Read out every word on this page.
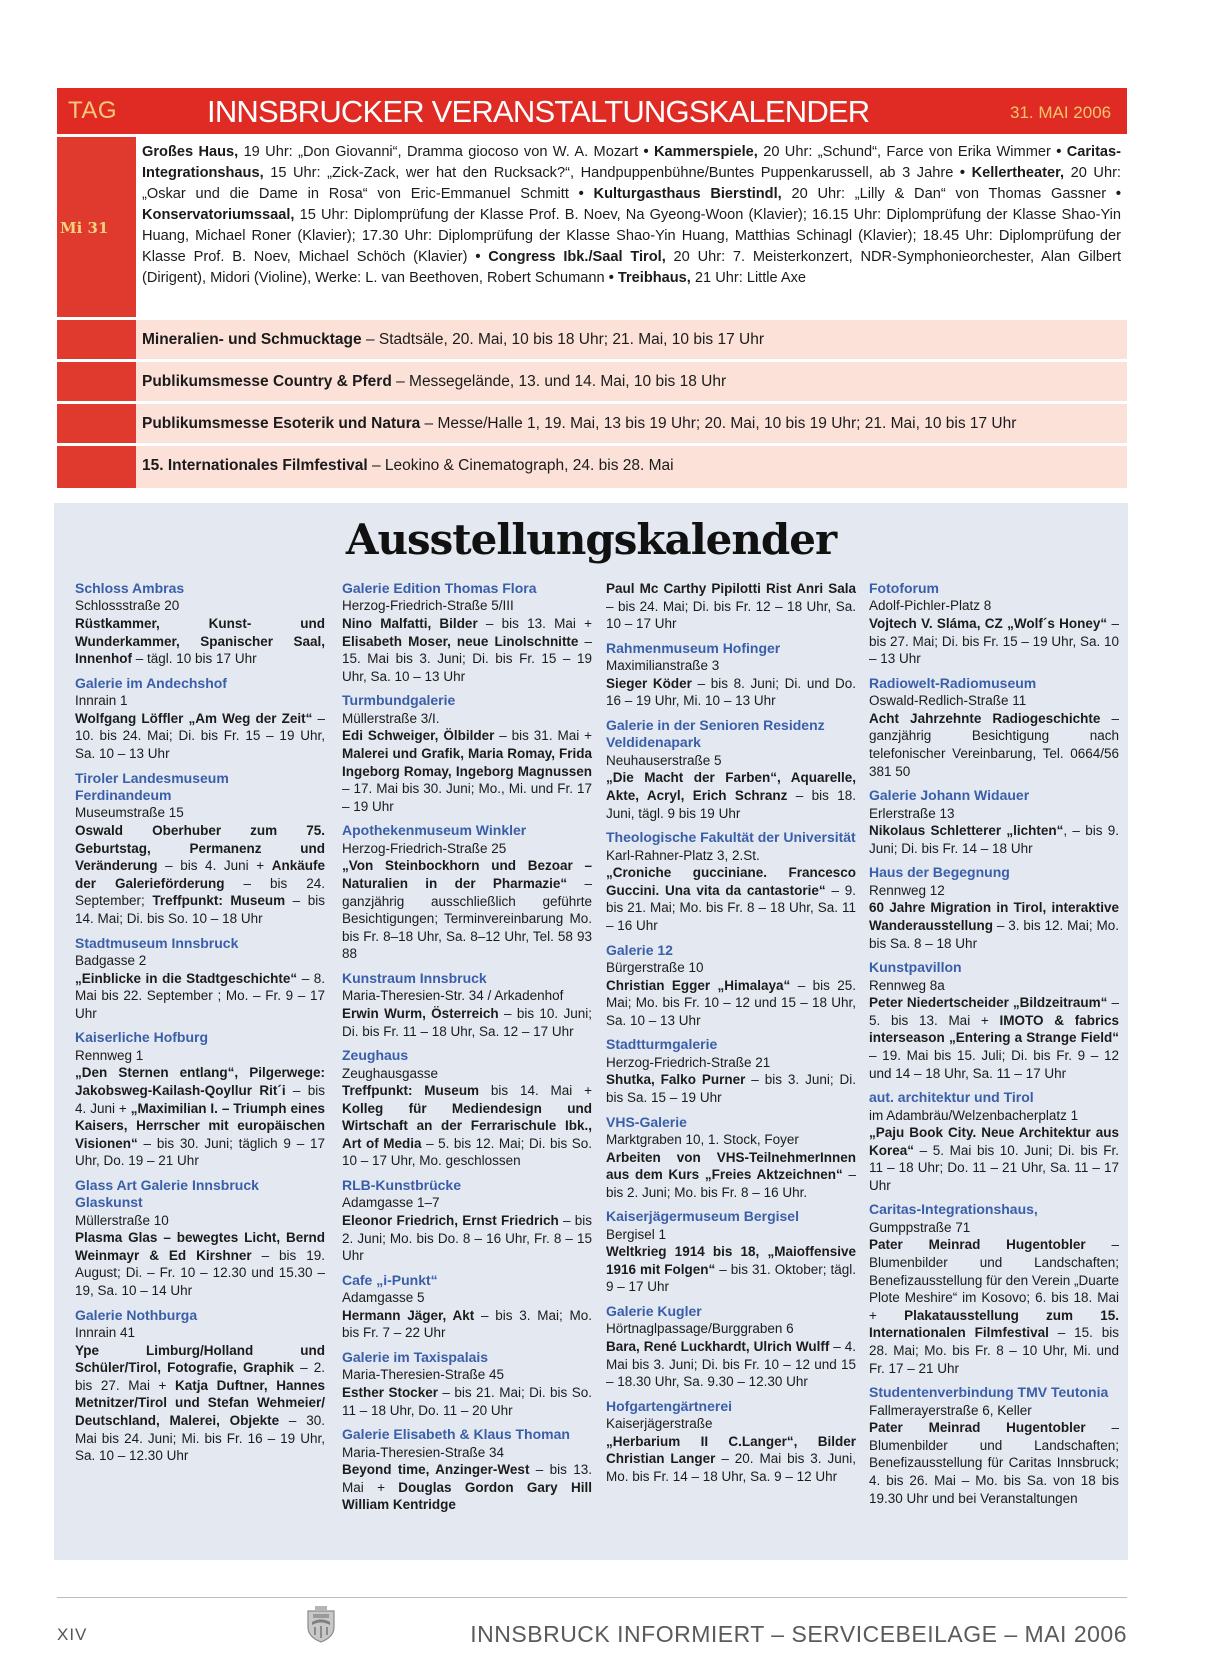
TAG	INNSBRUCKER VERANSTALTUNGSKALENDER	31. MAI 2006
Mi 31
Großes Haus, 19 Uhr: „Don Giovanni“, Dramma giocoso von W. A. Mozart • Kammerspiele, 20 Uhr: „Schund“, Farce von Erika Wimmer • Caritas-Integrationshaus, 15 Uhr: „Zick-Zack, wer hat den Rucksack?“, Handpuppenbühne/Buntes Puppenkarussell, ab 3 Jahre • Kellertheater, 20 Uhr: „Oskar und die Dame in Rosa“ von Eric-Emmanuel Schmitt • Kulturgasthaus Bierstindl, 20 Uhr: „Lilly & Dan“ von Thomas Gassner • Konservatoriumssaal, 15 Uhr: Diplomprüfung der Klasse Prof. B. Noev, Na Gyeong-Woon (Klavier); 16.15 Uhr: Diplomprüfung der Klasse Shao-Yin Huang, Michael Roner (Klavier); 17.30 Uhr: Diplomprüfung der Klasse Shao-Yin Huang, Matthias Schinagl (Klavier); 18.45 Uhr: Diplomprüfung der Klasse Prof. B. Noev, Michael Schöch (Klavier) • Congress Ibk./Saal Tirol, 20 Uhr: 7. Meisterkonzert, NDR-Symphonieorchester, Alan Gilbert (Dirigent), Midori (Violine), Werke: L. van Beethoven, Robert Schumann • Treibhaus, 21 Uhr: Little Axe
Mineralien- und Schmucktage – Stadtsäle, 20. Mai, 10 bis 18 Uhr; 21. Mai, 10 bis 17 Uhr
Publikumsmesse Country & Pferd – Messegelände, 13. und 14. Mai, 10 bis 18 Uhr
Publikumsmesse Esoterik und Natura – Messe/Halle 1, 19. Mai, 13 bis 19 Uhr; 20. Mai, 10 bis 19 Uhr; 21. Mai, 10 bis 17 Uhr
15. Internationales Filmfestival – Leokino & Cinematograph, 24. bis 28. Mai
Ausstellungskalender
Schloss Ambras
Schlossstraße 20
Rüstkammer, Kunst- und Wunderkammer, Spanischer Saal, Innenhof – tägl. 10 bis 17 Uhr
Galerie im Andechshof
Innrain 1
Wolfgang Löffler „Am Weg der Zeit“ – 10. bis 24. Mai; Di. bis Fr. 15 – 19 Uhr, Sa. 10 – 13 Uhr
Tiroler Landesmuseum Ferdinandeum
Museumstraße 15
Oswald Oberhuber zum 75. Geburtstag, Permanenz und Veränderung – bis 4. Juni + Ankäufe der Galerieförderung – bis 24. September; Treffpunkt: Museum – bis 14. Mai; Di. bis So. 10 – 18 Uhr
Stadtmuseum Innsbruck
Badgasse 2
„Einblicke in die Stadtgeschichte“ – 8. Mai bis 22. September ; Mo. – Fr. 9 – 17 Uhr
Kaiserliche Hofburg
Rennweg 1
„Den Sternen entlang“, Pilgerwege: Jakobsweg-Kailash-Qoyllur Rit´i – bis 4. Juni + „Maximilian I. – Triumph eines Kaisers, Herrscher mit europäischen Visionen“ – bis 30. Juni; täglich 9 – 17 Uhr, Do. 19 – 21 Uhr
Glass Art Galerie Innsbruck Glaskunst
Müllerstraße 10
Plasma Glas – bewegtes Licht, Bernd Weinmayr & Ed Kirshner – bis 19. August; Di. – Fr. 10 – 12.30 und 15.30 – 19, Sa. 10 – 14 Uhr
Galerie Nothburga
Innrain 41
Ype Limburg/Holland und Schüler/Tirol, Fotografie, Graphik – 2. bis 27. Mai + Katja Duftner, Hannes Metnitzer/Tirol und Stefan Wehmeier/ Deutschland, Malerei, Objekte – 30. Mai bis 24. Juni; Mi. bis Fr. 16 – 19 Uhr, Sa. 10 – 12.30 Uhr
Galerie Edition Thomas Flora
Herzog-Friedrich-Straße 5/III
Nino Malfatti, Bilder – bis 13. Mai + Elisabeth Moser, neue Linolschnitte – 15. Mai bis 3. Juni; Di. bis Fr. 15 – 19 Uhr, Sa. 10 – 13 Uhr
Turmbundgalerie
Müllerstraße 3/I.
Edi Schweiger, Ölbilder – bis 31. Mai + Malerei und Grafik, Maria Romay, Frida Ingeborg Romay, Ingeborg Magnussen – 17. Mai bis 30. Juni; Mo., Mi. und Fr. 17 – 19 Uhr
Apothekenmuseum Winkler
Herzog-Friedrich-Straße 25
„Von Steinbockhorn und Bezoar – Naturalien in der Pharmazie“ – ganzjährig ausschließlich geführte Besichtigungen; Terminvereinbarung Mo. bis Fr. 8–18 Uhr, Sa. 8–12 Uhr, Tel. 58 93 88
Kunstraum Innsbruck
Maria-Theresien-Str. 34 / Arkadenhof
Erwin Wurm, Österreich – bis 10. Juni; Di. bis Fr. 11 – 18 Uhr, Sa. 12 – 17 Uhr
Zeughaus
Zeughausgasse
Treffpunkt: Museum bis 14. Mai + Kolleg für Mediendesign und Wirtschaft an der Ferrarischule Ibk., Art of Media – 5. bis 12. Mai; Di. bis So. 10 – 17 Uhr, Mo. geschlossen
RLB-Kunstbrücke
Adamgasse 1–7
Eleonor Friedrich, Ernst Friedrich – bis 2. Juni; Mo. bis Do. 8 – 16 Uhr, Fr. 8 – 15 Uhr
Cafe „i-Punkt“
Adamgasse 5
Hermann Jäger, Akt – bis 3. Mai; Mo. bis Fr. 7 – 22 Uhr
Galerie im Taxispalais
Maria-Theresien-Straße 45
Esther Stocker – bis 21. Mai; Di. bis So. 11 – 18 Uhr, Do. 11 – 20 Uhr
Galerie Elisabeth & Klaus Thoman
Maria-Theresien-Straße 34
Beyond time, Anzinger-West – bis 13. Mai + Douglas Gordon Gary Hill William Kentridge
Paul Mc Carthy Pipilotti Rist Anri Sala – bis 24. Mai; Di. bis Fr. 12 – 18 Uhr, Sa. 10 – 17 Uhr
Rahmenmuseum Hofinger
Maximilianstraße 3
Sieger Köder – bis 8. Juni; Di. und Do. 16 – 19 Uhr, Mi. 10 – 13 Uhr
Galerie in der Senioren Residenz Veldidenapark
Neuhauserstraße 5
„Die Macht der Farben“, Aquarelle, Akte, Acryl, Erich Schranz – bis 18. Juni, tägl. 9 bis 19 Uhr
Theologische Fakultät der Universität
Karl-Rahner-Platz 3, 2.St.
„Croniche gucciniane. Francesco Guccini. Una vita da cantastorie“ – 9. bis 21. Mai; Mo. bis Fr. 8 – 18 Uhr, Sa. 11 – 16 Uhr
Galerie 12
Bürgerstraße 10
Christian Egger „Himalaya“ – bis 25. Mai; Mo. bis Fr. 10 – 12 und 15 – 18 Uhr, Sa. 10 – 13 Uhr
Stadtturmgalerie
Herzog-Friedrich-Straße 21
Shutka, Falko Purner – bis 3. Juni; Di. bis Sa. 15 – 19 Uhr
VHS-Galerie
Marktgraben 10, 1. Stock, Foyer
Arbeiten von VHS-TeilnehmerInnen aus dem Kurs „Freies Aktzeichnen“ – bis 2. Juni; Mo. bis Fr. 8 – 16 Uhr.
Kaiserjägermuseum Bergisel
Bergisel 1
Weltkrieg 1914 bis 18, „Maioffensive 1916 mit Folgen“ – bis 31. Oktober; tägl. 9 – 17 Uhr
Galerie Kugler
Hörtnaglpassage/Burggraben 6
Bara, René Luckhardt, Ulrich Wulff – 4. Mai bis 3. Juni; Di. bis Fr. 10 – 12 und 15 – 18.30 Uhr, Sa. 9.30 – 12.30 Uhr
Hofgartengärtnerei
Kaiserjägerstraße
„Herbarium II C.Langer“, Bilder Christian Langer – 20. Mai bis 3. Juni, Mo. bis Fr. 14 – 18 Uhr, Sa. 9 – 12 Uhr
Fotoforum
Adolf-Pichler-Platz 8
Vojtech V. Sláma, CZ „Wolf´s Honey“ – bis 27. Mai; Di. bis Fr. 15 – 19 Uhr, Sa. 10 – 13 Uhr
Radiowelt-Radiomuseum
Oswald-Redlich-Straße 11
Acht Jahrzehnte Radiogeschichte – ganzjährig Besichtigung nach telefonischer Vereinbarung, Tel. 0664/56 381 50
Galerie Johann Widauer
Erlerstraße 13
Nikolaus Schletterer „lichten“, – bis 9. Juni; Di. bis Fr. 14 – 18 Uhr
Haus der Begegnung
Rennweg 12
60 Jahre Migration in Tirol, interaktive Wanderausstellung – 3. bis 12. Mai; Mo. bis Sa. 8 – 18 Uhr
Kunstpavillon
Rennweg 8a
Peter Niedertscheider „Bildzeitraum“ – 5. bis 13. Mai + IMOTO & fabrics interseason „Entering a Strange Field“ – 19. Mai bis 15. Juli; Di. bis Fr. 9 – 12 und 14 – 18 Uhr, Sa. 11 – 17 Uhr
aut. architektur und Tirol
im Adambräu/Welzenbacherplatz 1
„Paju Book City. Neue Architektur aus Korea“ – 5. Mai bis 10. Juni; Di. bis Fr. 11 – 18 Uhr; Do. 11 – 21 Uhr, Sa. 11 – 17 Uhr
Caritas-Integrationshaus,
Gumppstraße 71
Pater Meinrad Hugentobler – Blumenbilder und Landschaften; Benefizausstellung für den Verein „Duarte Plote Meshire“ im Kosovo; 6. bis 18. Mai + Plakatausstellung zum 15. Internationalen Filmfestival – 15. bis 28. Mai; Mo. bis Fr. 8 – 10 Uhr, Mi. und Fr. 17 – 21 Uhr
Studentenverbindung TMV Teutonia
Fallmerayerstraße 6, Keller
Pater Meinrad Hugentobler – Blumenbilder und Landschaften; Benefizausstellung für Caritas Innsbruck; 4. bis 26. Mai – Mo. bis Sa. von 18 bis 19.30 Uhr und bei Veranstaltungen
XIV	INNSBRUCK INFORMIERT – SERVICEBEILAGE – MAI 2006
